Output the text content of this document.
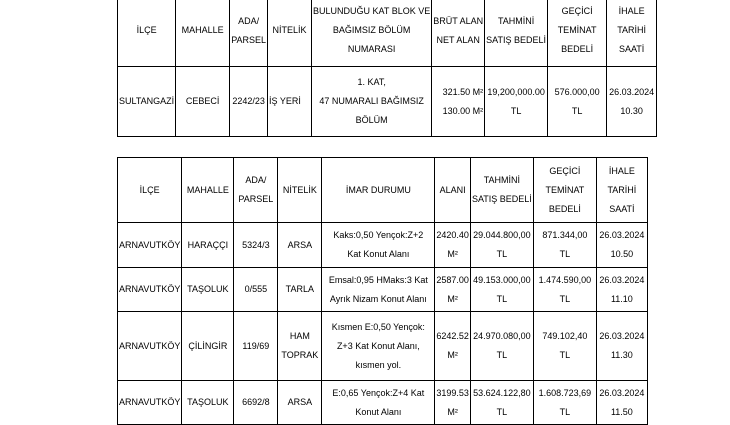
İLÇE	MAHALLE	ADA/
PARSEL	NİTELİK	BULUNDUĞU KAT BLOK VE
BAĞIMSIZ BÖLÜM
NUMARASI	BRÜT ALAN
NET ALAN	TAHMİNİ
SATIŞ BEDELİ	GEÇİCİ
TEMİNAT
BEDELİ	İHALE
TARİHİ
SAATİ

SULTANGAZİ	CEBECİ	2242/23	İŞ YERİ	1. KAT,
47 NUMARALI BAĞIMSIZ
BÖLÜM	321.50 M²
130.00 M²	19,200,000.00
TL	576.000,00
TL	26.03.2024
10.30
İLÇE	MAHALLE	ADA/
PARSEL	NİTELİK	İMAR DURUMU	ALANI	TAHMİNİ
SATIŞ BEDELİ	GEÇİCİ
TEMİNAT
BEDELİ	İHALE
TARİHİ
SAATİ

ARNAVUTKÖY	HARAÇÇI	5324/3	ARSA	Kaks:0,50 Yençok:Z+2
Kat Konut Alanı	2420.40
M²	29.044.800,00
TL	871.344,00
TL	26.03.2024
10.50

ARNAVUTKÖY	TAŞOLUK	0/555	TARLA	Emsal:0,95 HMaks:3 Kat
Ayrık Nizam Konut Alanı	2587.00
M²	49.153.000,00
TL	1.474.590,00
TL	26.03.2024
11.10

ARNAVUTKÖY	ÇİLİNGİR	119/69	HAM
TOPRAK	Kısmen E:0,50 Yençok:
Z+3 Kat Konut Alanı,
kısmen yol.	6242.52
M²	24.970.080,00
TL	749.102,40
TL	26.03.2024
11.30

ARNAVUTKÖY	TAŞOLUK	6692/8	ARSA	E:0,65 Yençok:Z+4 Kat
Konut Alanı	3199.53
M²	53.624.122,80
TL	1.608.723,69
TL	26.03.2024
11.50
